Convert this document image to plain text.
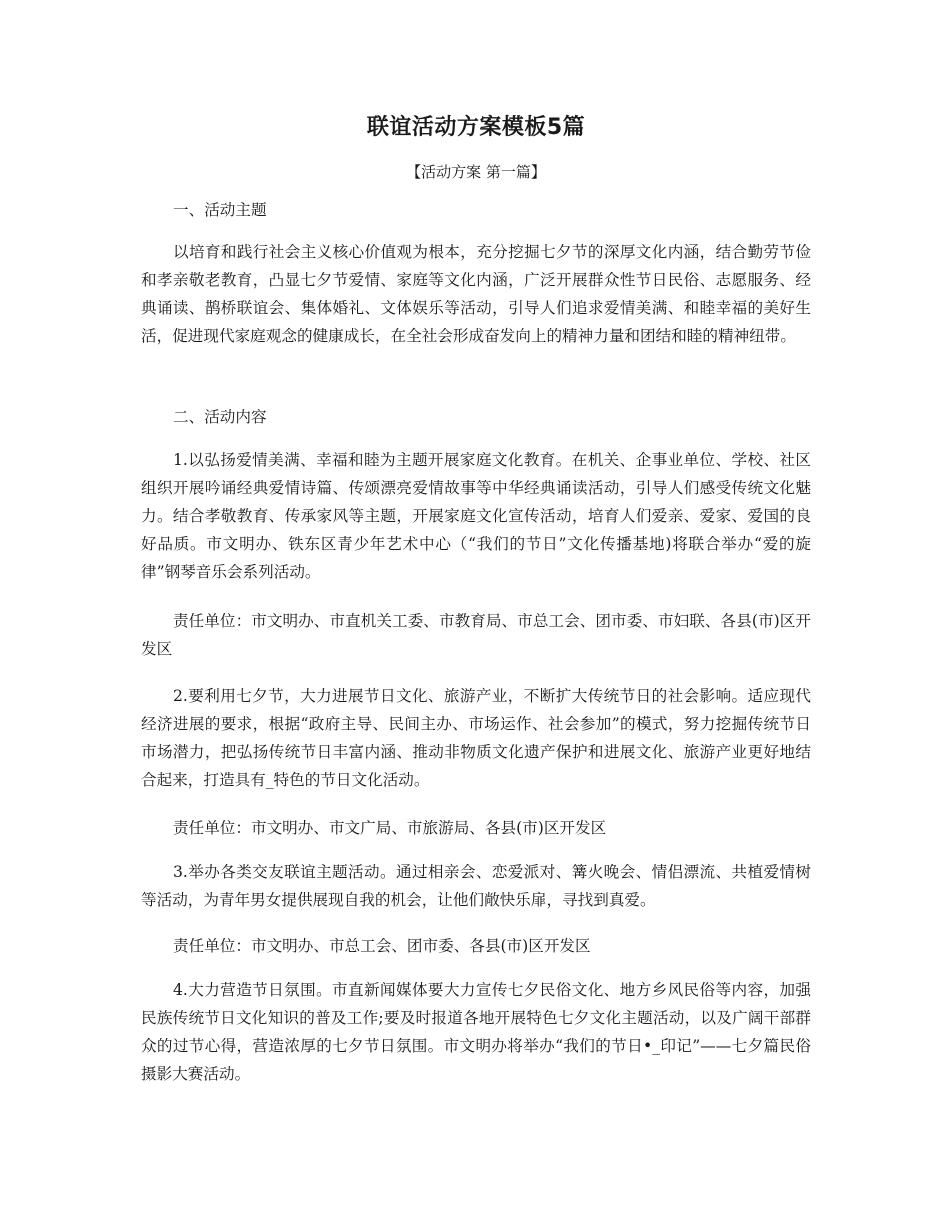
联谊活动方案模板5篇
【活动方案 第一篇】

一、活动主题

以培育和践行社会主义核心价值观为根本，充分挖掘七夕节的深厚文化内涵，结合勤劳节俭和孝亲敬老教育，凸显七夕节爱情、家庭等文化内涵，广泛开展群众性节日民俗、志愿服务、经典诵读、鹊桥联谊会、集体婚礼、文体娱乐等活动，引导人们追求爱情美满、和睦幸福的美好生活，促进现代家庭观念的健康成长，在全社会形成奋发向上的精神力量和团结和睦的精神纽带。

二、活动内容

1.以弘扬爱情美满、幸福和睦为主题开展家庭文化教育。在机关、企事业单位、学校、社区组织开展吟诵经典爱情诗篇、传颂漂亮爱情故事等中华经典诵读活动，引导人们感受传统文化魅力。结合孝敬教育、传承家风等主题，开展家庭文化宣传活动，培育人们爱亲、爱家、爱国的良好品质。市文明办、铁东区青少年艺术中心（“我们的节日”文化传播基地)将联合举办“爱的旋律”钢琴音乐会系列活动。

责任单位：市文明办、市直机关工委、市教育局、市总工会、团市委、市妇联、各县(市)区开发区

2.要利用七夕节，大力进展节日文化、旅游产业，不断扩大传统节日的社会影响。适应现代经济进展的要求，根据“政府主导、民间主办、市场运作、社会参加”的模式，努力挖掘传统节日市场潜力，把弘扬传统节日丰富内涵、推动非物质文化遗产保护和进展文化、旅游产业更好地结合起来，打造具有_特色的节日文化活动。

责任单位：市文明办、市文广局、市旅游局、各县(市)区开发区

3.举办各类交友联谊主题活动。通过相亲会、恋爱派对、篝火晚会、情侣漂流、共植爱情树等活动，为青年男女提供展现自我的机会，让他们敞快乐扉，寻找到真爱。

责任单位：市文明办、市总工会、团市委、各县(市)区开发区

4.大力营造节日氛围。市直新闻媒体要大力宣传七夕民俗文化、地方乡风民俗等内容，加强民族传统节日文化知识的普及工作;要及时报道各地开展特色七夕文化主题活动，以及广阔干部群众的过节心得，营造浓厚的七夕节日氛围。市文明办将举办“我们的节日•_印记”——七夕篇民俗摄影大赛活动。
